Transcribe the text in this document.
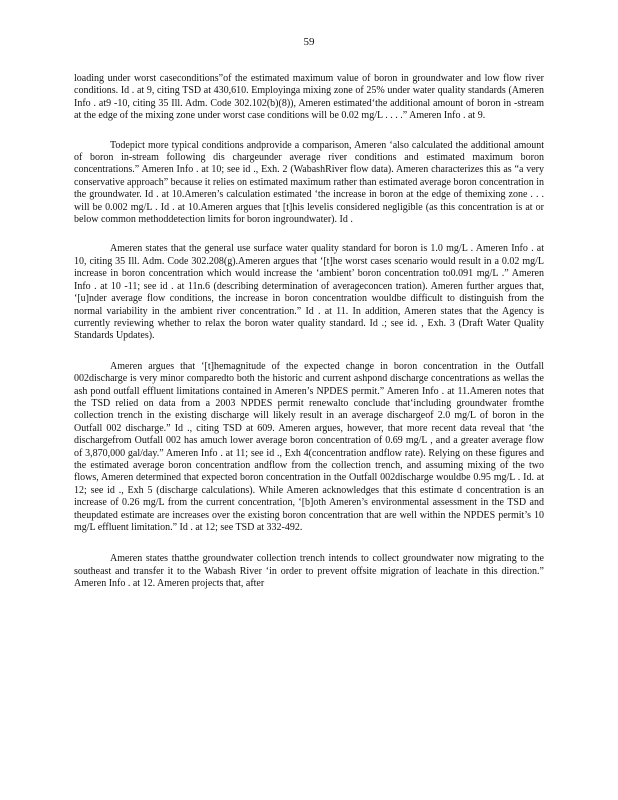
59

loading under worst caseconditions”of the estimated maximum value of boron in groundwater and low flow river conditions. Id . at 9, citing TSD at 430,610. Employinga mixing zone of 25% under water quality standards (Ameren Info . at9 -10, citing 35 Ill. Adm. Code 302.102(b)(8)), Ameren estimated‘the additional amount of boron in -stream at the edge of the mixing zone under worst case conditions will be 0.02 mg/L . . . .” Ameren Info . at 9.

Todepict more typical conditions andprovide a comparison, Ameren ‘also calculated the additional amount of boron in-stream following dis chargeunder average river conditions and estimated maximum boron concentrations.” Ameren Info . at 10; see id ., Exh. 2 (WabashRiver flow data). Ameren characterizes this as “a very conservative approach” because it relies on estimated maximum rather than estimated average boron concentration in the groundwater. Id . at 10.Ameren’s calculation estimated ‘the increase in boron at the edge of themixing zone . . . will be 0.002 mg/L . Id . at 10.Ameren argues that [t]his levelis considered negligible (as this concentration is at or below common methoddetection limits for boron ingroundwater). Id .

Ameren states that the general use surface water quality standard for boron is 1.0 mg/L . Ameren Info . at 10, citing 35 Ill. Adm. Code 302.208(g).Ameren argues that ‘[t]he worst cases scenario would result in a 0.02 mg/L increase in boron concentration which would increase the ‘ambient’ boron concentration to0.091 mg/L .” Ameren Info . at 10 -11; see id . at 11n.6 (describing determination of averageconcen tration). Ameren further argues that, ‘[u]nder average flow conditions, the increase in boron concentration wouldbe difficult to distinguish from the normal variability in the ambient river concentration.” Id . at 11. In addition, Ameren states that the Agency is currently reviewing whether to relax the boron water quality standard. Id .; see id. , Exh. 3 (Draft Water Quality Standards Updates).

Ameren argues that ‘[t]hemagnitude of the expected change in boron concentration in the Outfall 002discharge is very minor comparedto both the historic and current ashpond discharge concentrations as wellas the ash pond outfall effluent limitations contained in Ameren’s NPDES permit.” Ameren Info . at 11.Ameren notes that the TSD relied on data from a 2003 NPDES permit renewalto conclude that‘including groundwater fromthe collection trench in the existing discharge will likely result in an average dischargeof 2.0 mg/L of boron in the Outfall 002 discharge.” Id ., citing TSD at 609. Ameren argues, however, that more recent data reveal that ‘the dischargefrom Outfall 002 has amuch lower average boron concentration of 0.69 mg/L , and a greater average flow of 3,870,000 gal/day.” Ameren Info . at 11; see id ., Exh 4(concentration andflow rate). Relying on these figures and the estimated average boron concentration andflow from the collection trench, and assuming mixing of the two flows, Ameren determined that expected boron concentration in the Outfall 002discharge wouldbe 0.95 mg/L . Id. at 12; see id ., Exh 5 (discharge calculations). While Ameren acknowledges that this estimate d concentration is an increase of 0.26 mg/L from the current concentration, ‘[b]oth Ameren’s environmental assessment in the TSD and theupdated estimate are increases over the existing boron concentration that are well within the NPDES permit’s 10 mg/L effluent limitation.” Id . at 12; see TSD at 332-492.

Ameren states thatthe groundwater collection trench intends to collect groundwater now migrating to the southeast and transfer it to the Wabash River ‘in order to prevent offsite migration of leachate in this direction.” Ameren Info . at 12. Ameren projects that, after
